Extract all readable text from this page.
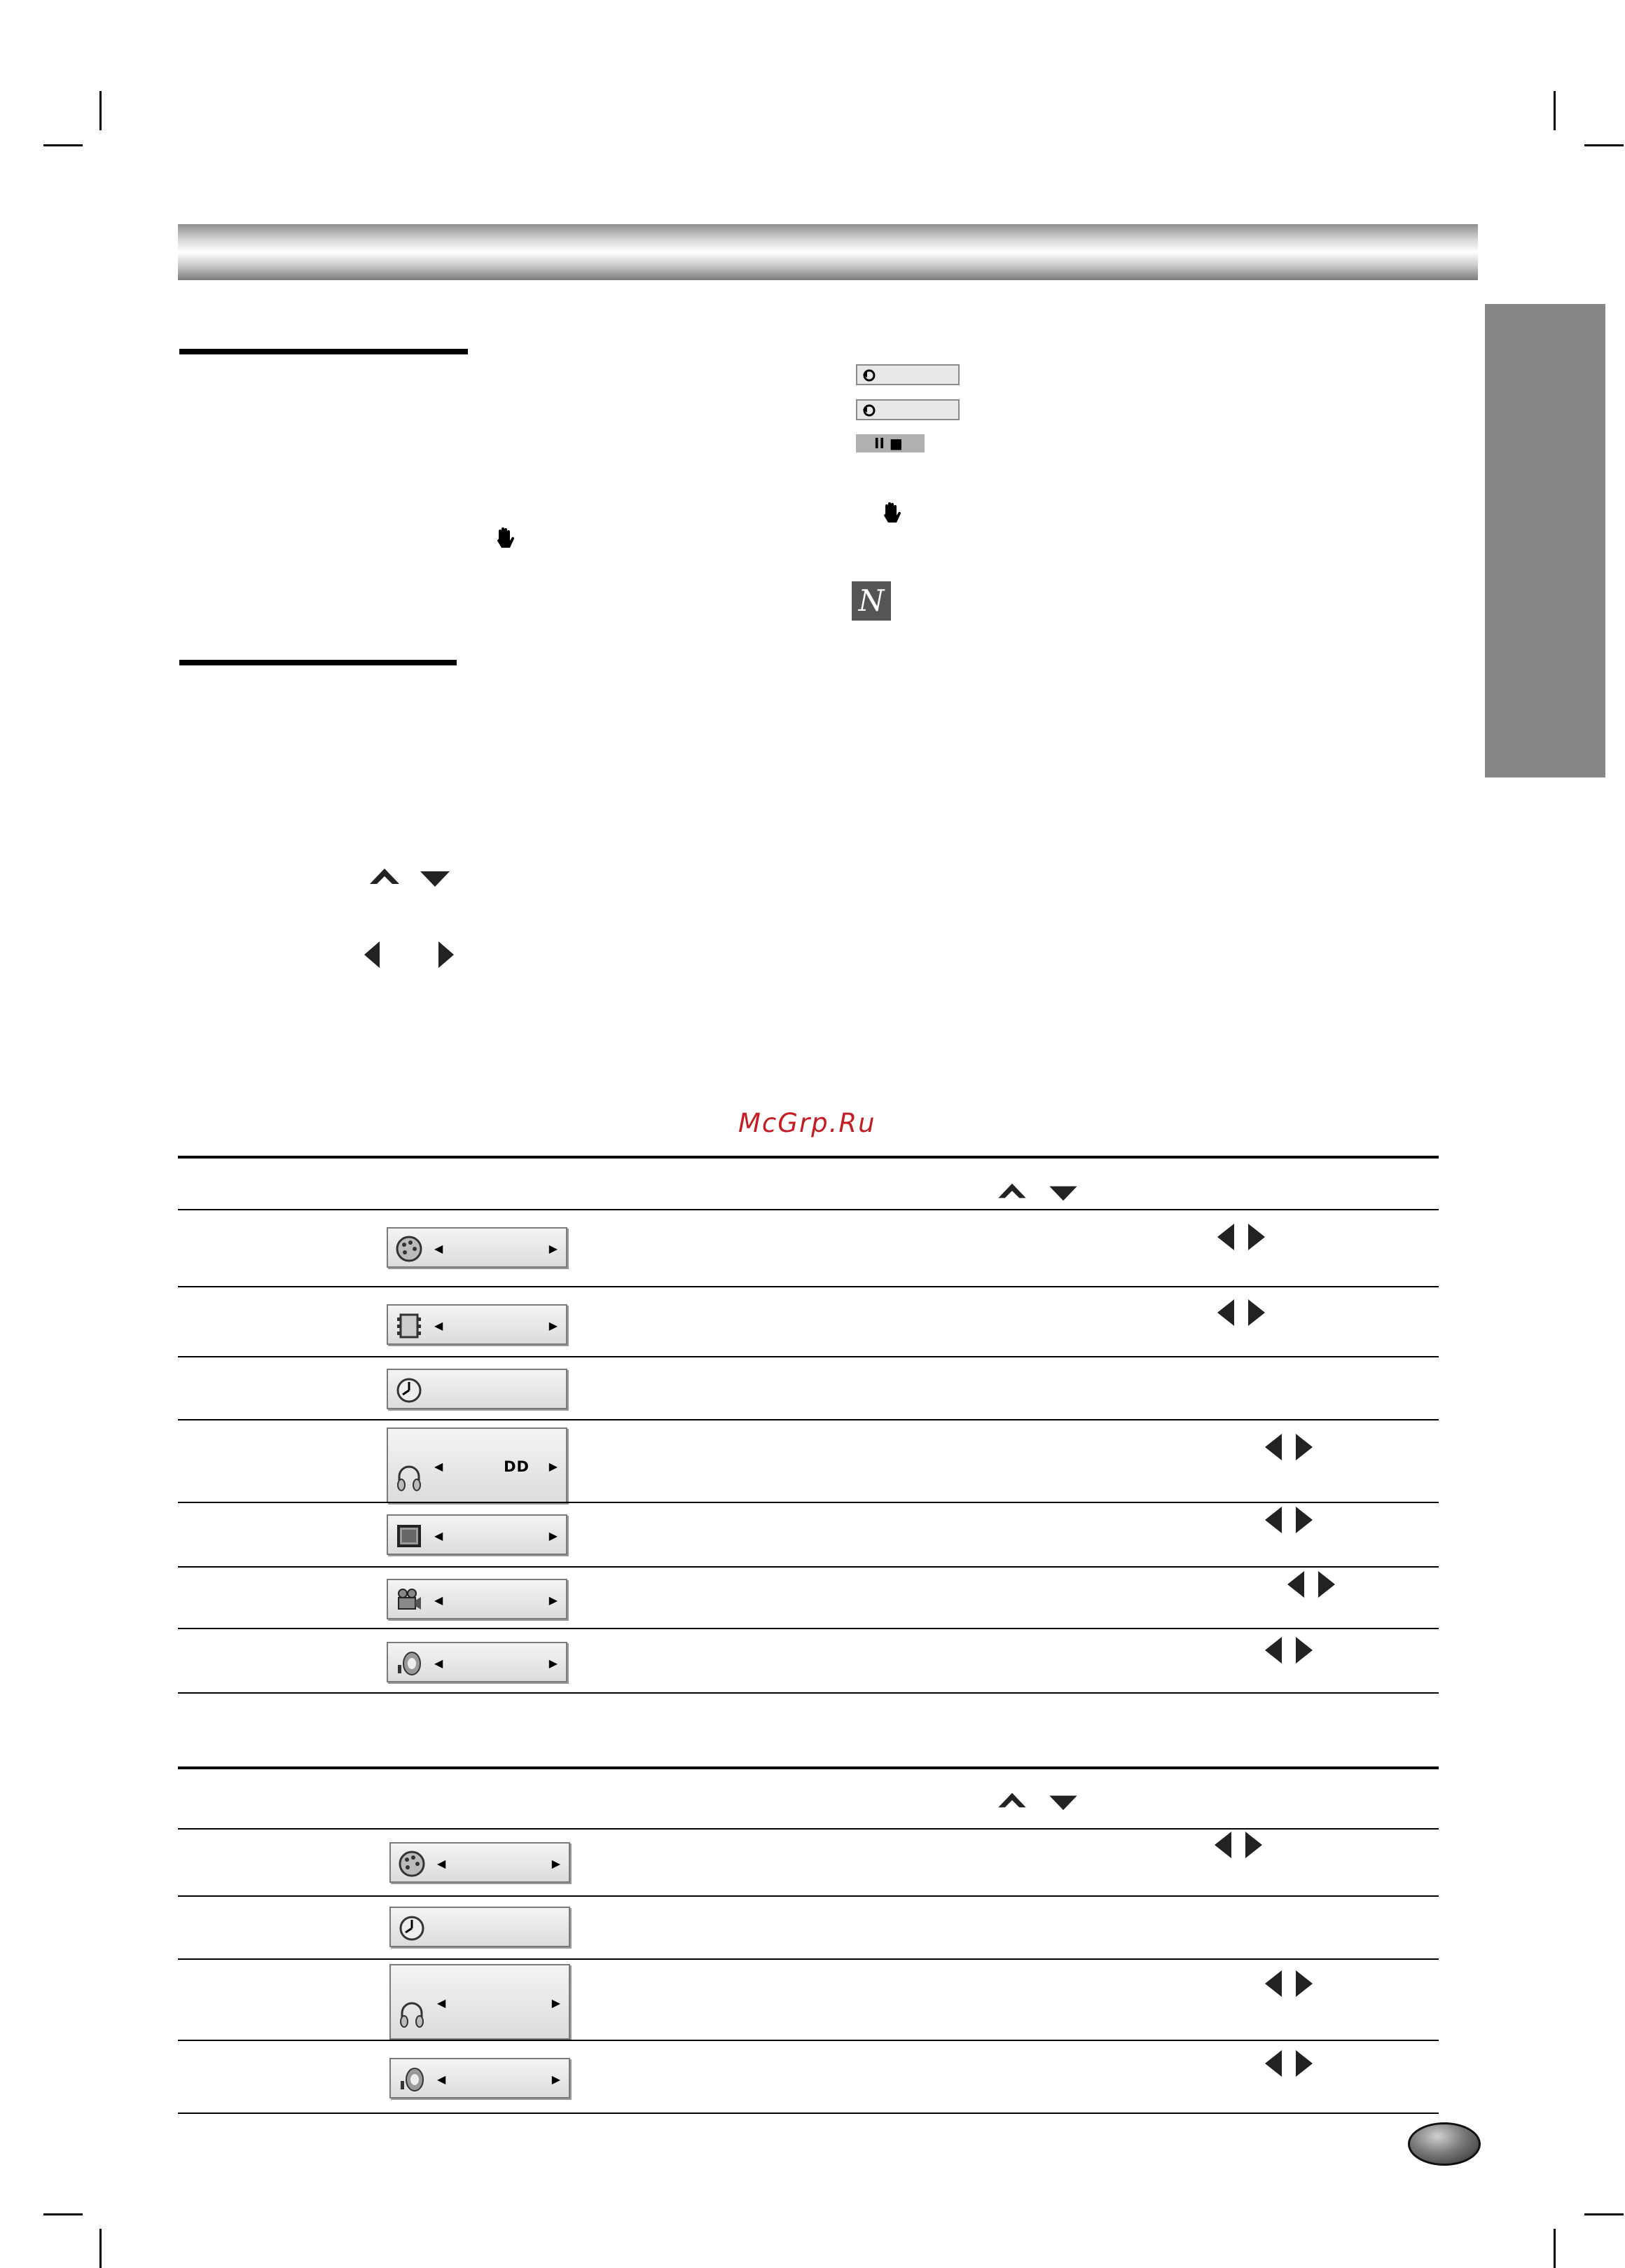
II ■
N
McGrp.Ru
◀	▶
◀	▶
◀	DD ▶
◀	▶
◀	▶
◀	▶
◀	▶
◀	▶
◀	▶
